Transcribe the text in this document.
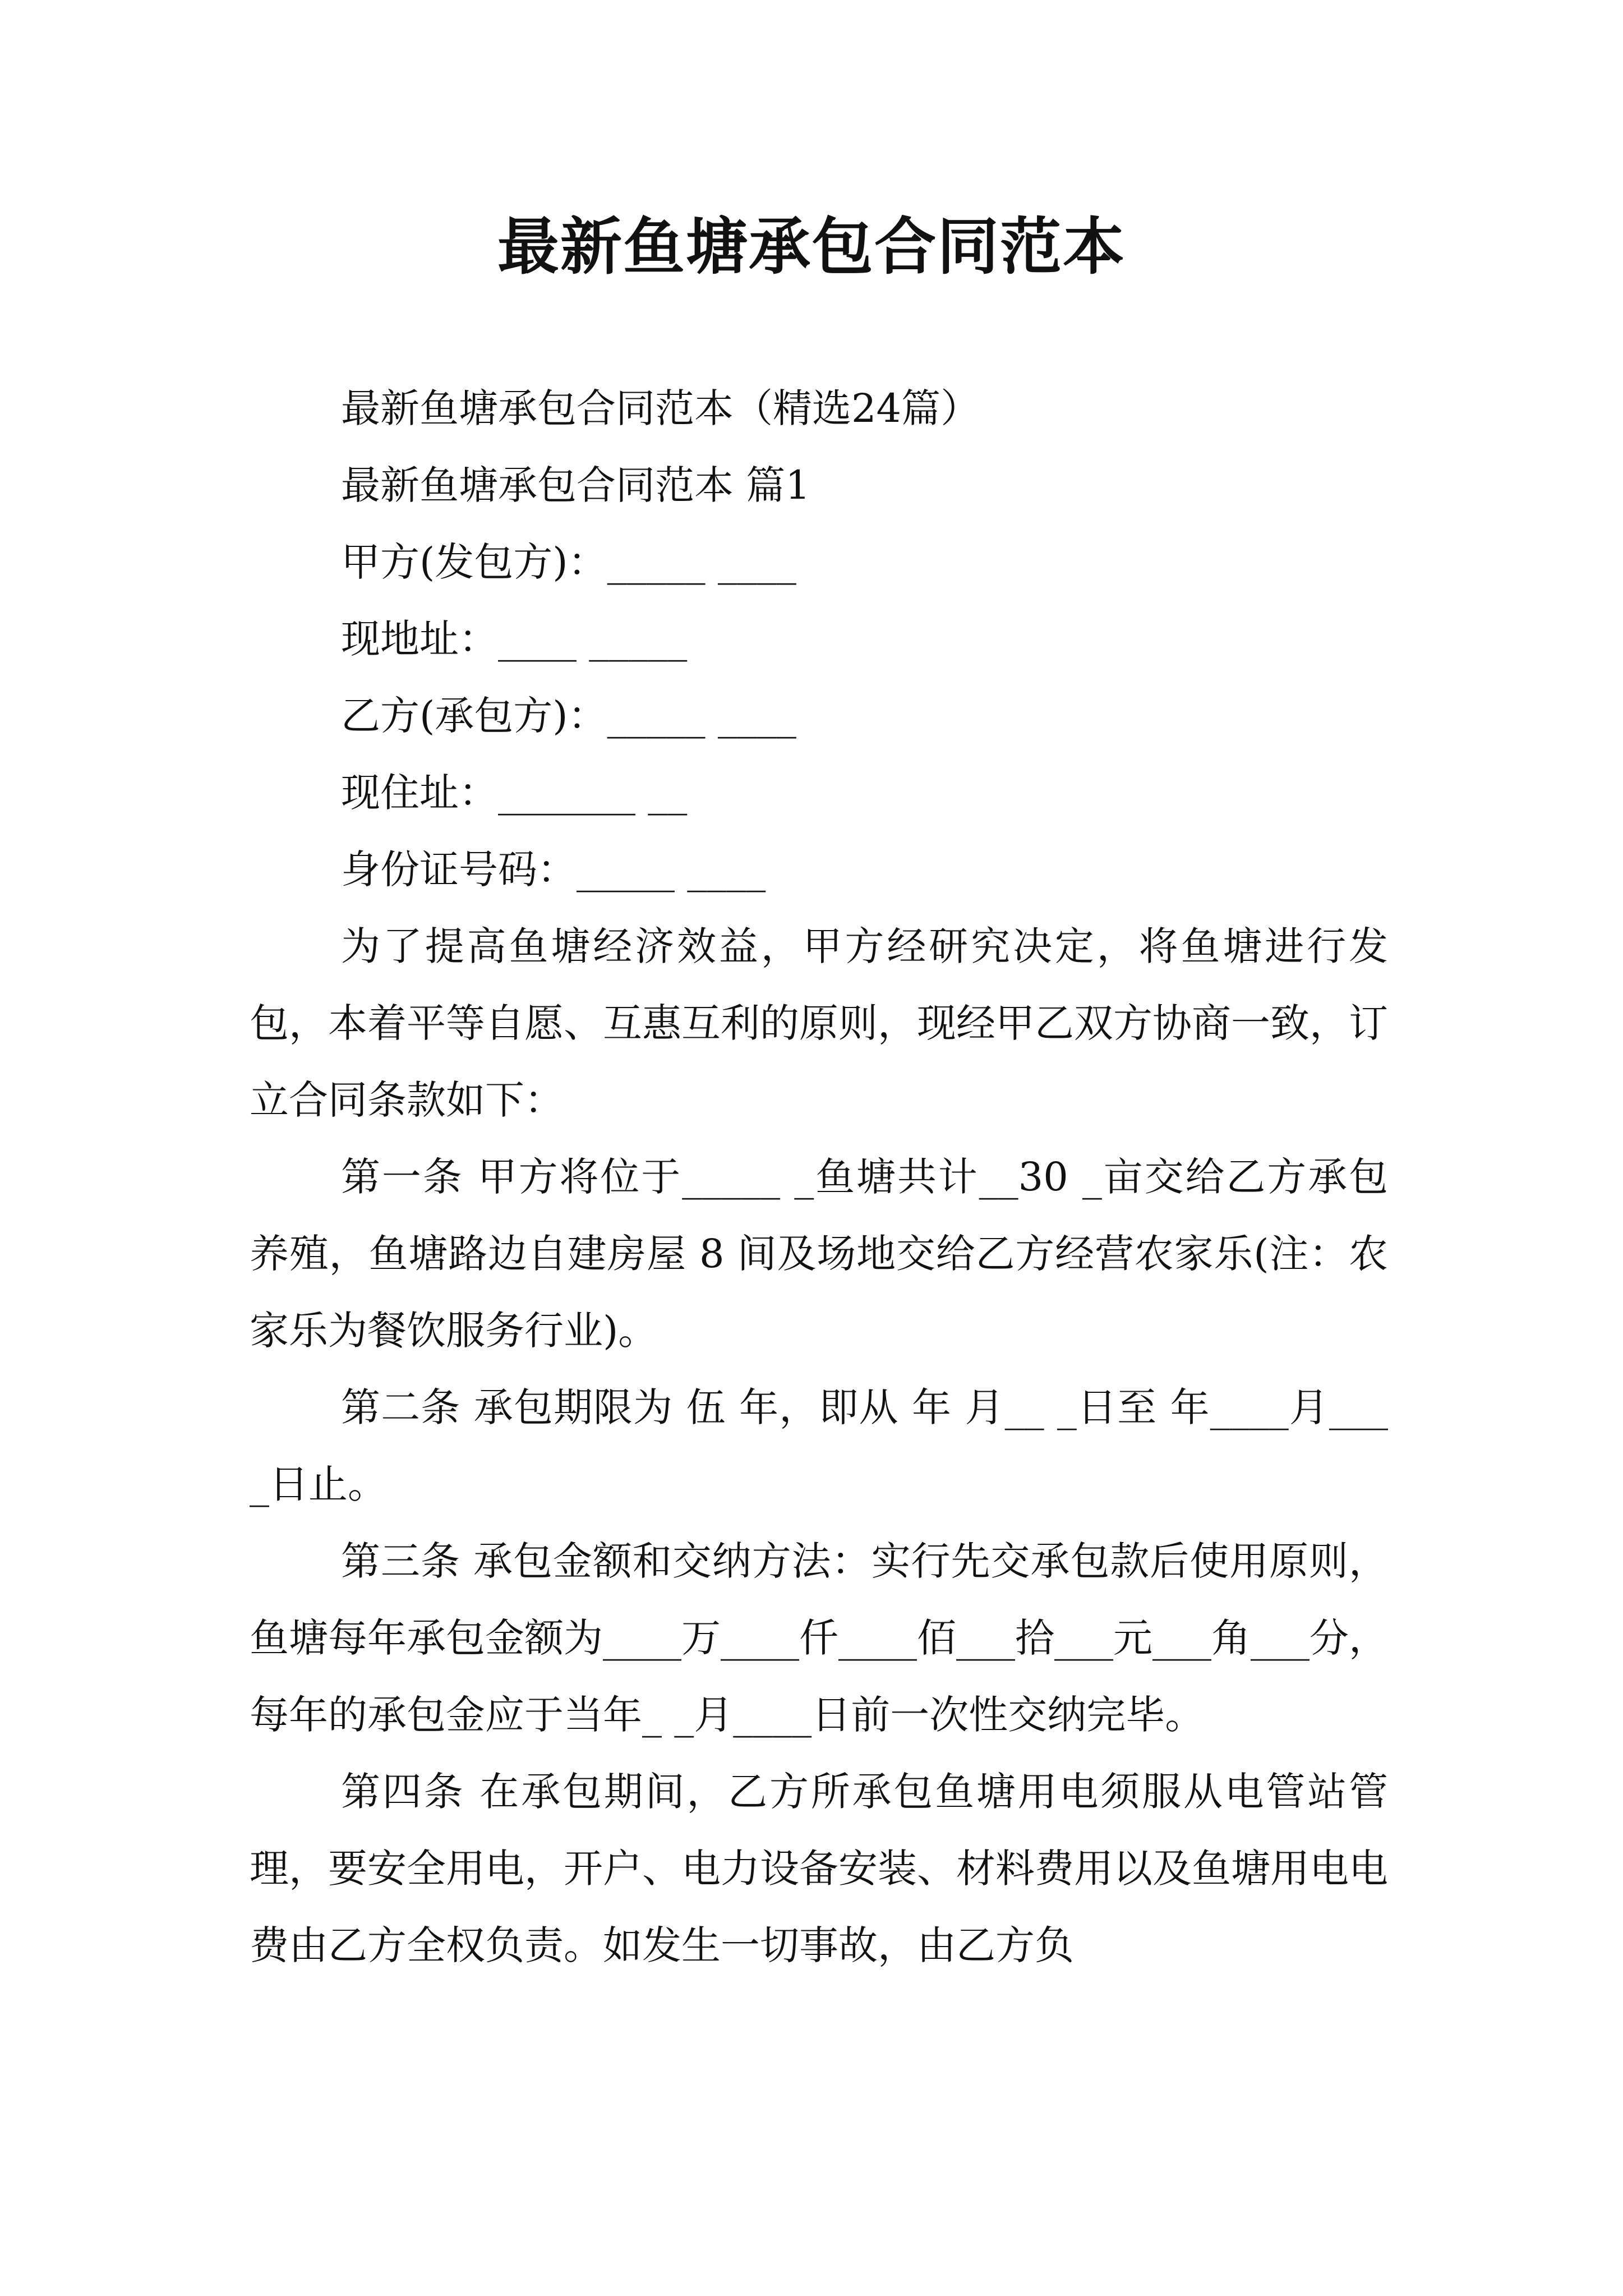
最新鱼塘承包合同范本
最新鱼塘承包合同范本（精选24篇）
最新鱼塘承包合同范本 篇1
甲方(发包方)：_____ ____
现地址：____ _____
乙方(承包方)：_____ ____
现住址：_______ __
身份证号码：_____ ____

为了提高鱼塘经济效益，甲方经研究决定，将鱼塘进行发包，本着平等自愿、互惠互利的原则，现经甲乙双方协商一致，订立合同条款如下：

第一条 甲方将位于_____ _鱼塘共计__30 _亩交给乙方承包养殖，鱼塘路边自建房屋 8 间及场地交给乙方经营农家乐(注：农家乐为餐饮服务行业)。

第二条 承包期限为 伍 年，即从 年 月__ _日至 年____月____日止。

第三条 承包金额和交纳方法：实行先交承包款后使用原则，鱼塘每年承包金额为____万____仟____佰___拾___元___角___分，每年的承包金应于当年_ _月____日前一次性交纳完毕。

第四条 在承包期间，乙方所承包鱼塘用电须服从电管站管理，要安全用电，开户、电力设备安装、材料费用以及鱼塘用电电费由乙方全权负责。如发生一切事故，由乙方负
